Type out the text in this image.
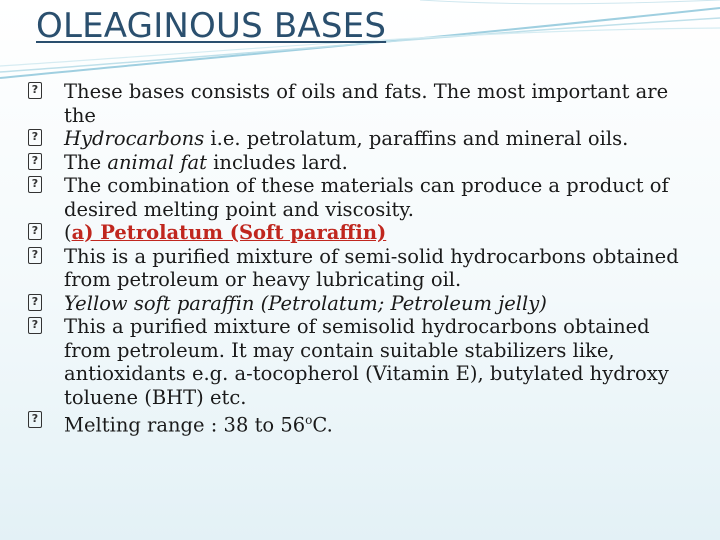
OLEAGINOUS BASES

? These bases consists of oils and fats. The most important are the

? Hydrocarbons i.e. petrolatum, paraffins and mineral oils.

? The animal fat includes lard.

? The combination of these materials can produce a product of desired melting point and viscosity.

? (a) Petrolatum (Soft paraffin)

? This is a purified mixture of semi-solid hydrocarbons obtained from petroleum or heavy lubricating oil.

? Yellow soft paraffin (Petrolatum; Petroleum jelly)

? This a purified mixture of semisolid hydrocarbons obtained from petroleum. It may contain suitable stabilizers like, antioxidants e.g. a-tocopherol (Vitamin E), butylated hydroxy toluene (BHT) etc.

? Melting range : 38 to 56$^o$C.
